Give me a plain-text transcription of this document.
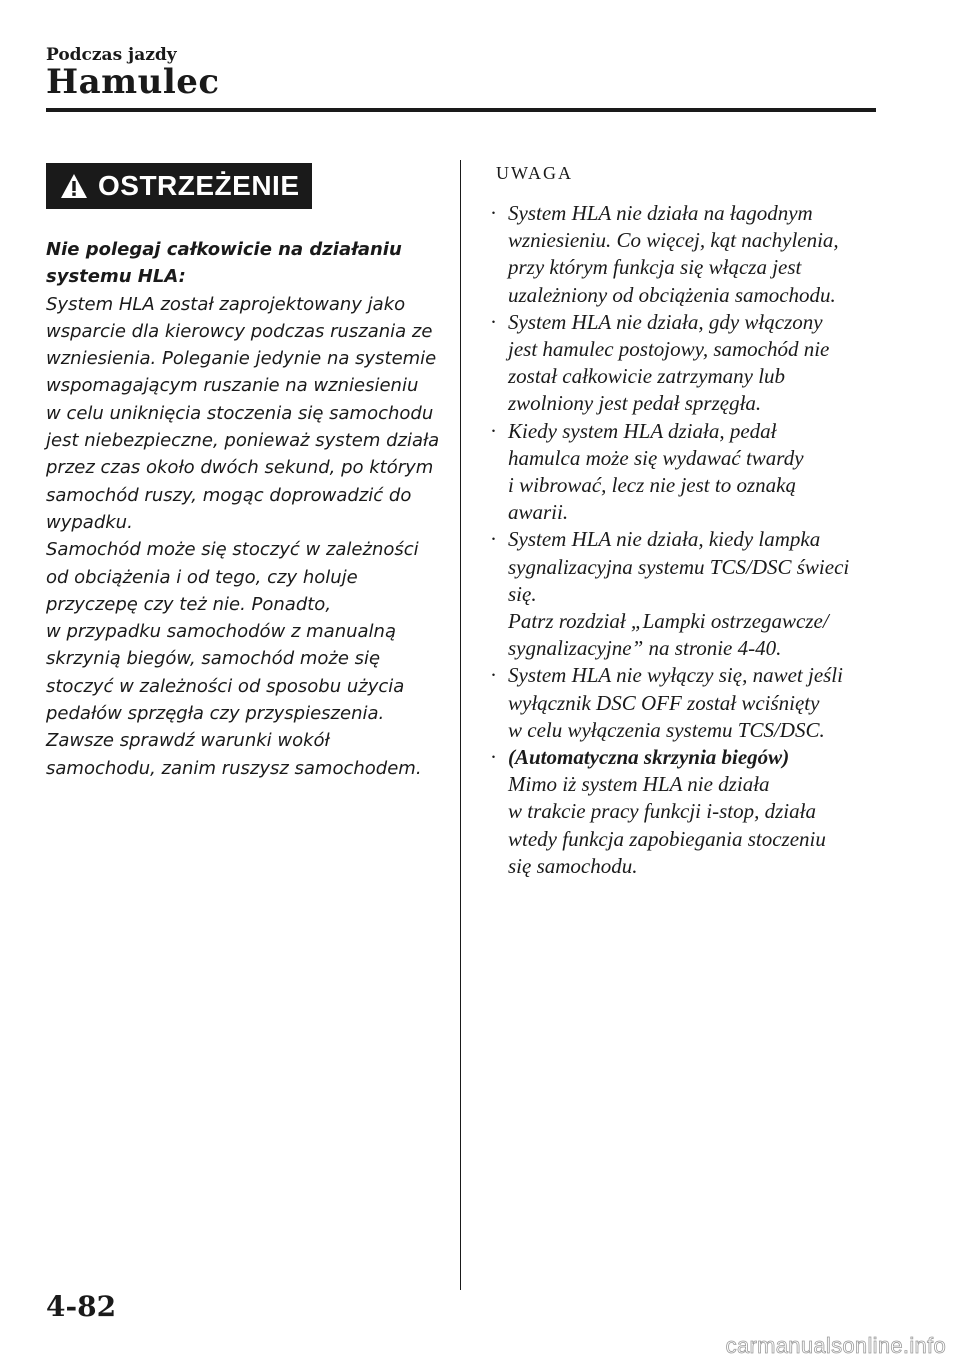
Podczas jazdy
Hamulec
OSTRZEŻENIE
Nie polegaj całkowicie na działaniu
systemu HLA:
System HLA został zaprojektowany jako
wsparcie dla kierowcy podczas ruszania ze
wzniesienia. Poleganie jedynie na systemie
wspomagającym ruszanie na wzniesieniu
w celu uniknięcia stoczenia się samochodu
jest niebezpieczne, ponieważ system działa
przez czas około dwóch sekund, po którym
samochód ruszy, mogąc doprowadzić do
wypadku.
Samochód może się stoczyć w zależności
od obciążenia i od tego, czy holuje
przyczepę czy też nie. Ponadto,
w przypadku samochodów z manualną
skrzynią biegów, samochód może się
stoczyć w zależności od sposobu użycia
pedałów sprzęgła czy przyspieszenia.
Zawsze sprawdź warunki wokół
samochodu, zanim ruszysz samochodem.
UWAGA
· System HLA nie działa na łagodnym
wzniesieniu. Co więcej, kąt nachylenia,
przy którym funkcja się włącza jest
uzależniony od obciążenia samochodu.
· System HLA nie działa, gdy włączony
jest hamulec postojowy, samochód nie
został całkowicie zatrzymany lub
zwolniony jest pedał sprzęgła.
· Kiedy system HLA działa, pedał
hamulca może się wydawać twardy
i wibrować, lecz nie jest to oznaką
awarii.
· System HLA nie działa, kiedy lampka
sygnalizacyjna systemu TCS/DSC świeci
się.
Patrz rozdział „Lampki ostrzegawcze/
sygnalizacyjne” na stronie 4-40.
· System HLA nie wyłączy się, nawet jeśli
wyłącznik DSC OFF został wciśnięty
w celu wyłączenia systemu TCS/DSC.
· (Automatyczna skrzynia biegów)
Mimo iż system HLA nie działa
w trakcie pracy funkcji i-stop, działa
wtedy funkcja zapobiegania stoczeniu
się samochodu.
4-82
carmanualsonline.info
